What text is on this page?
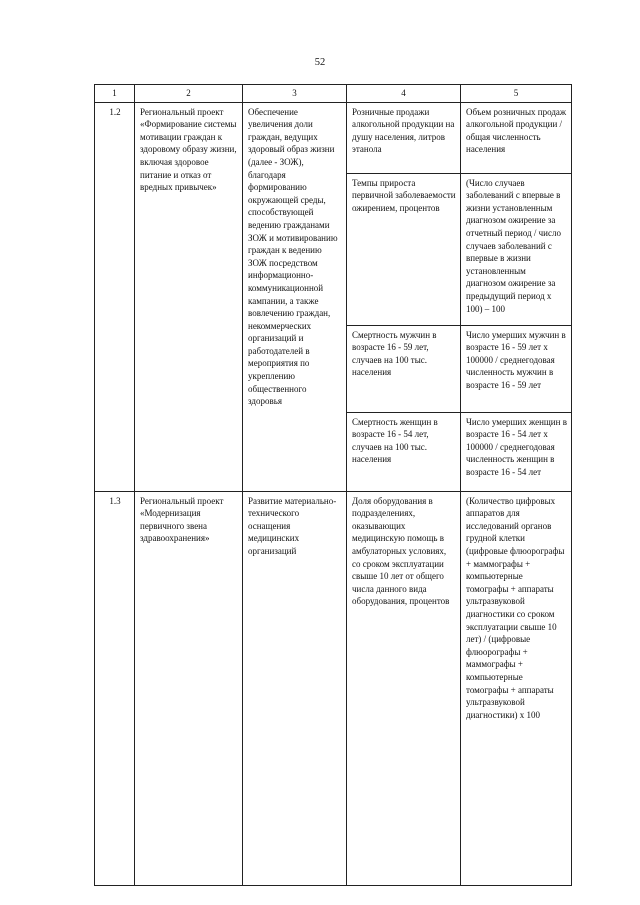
52
1	2	3	4	5
1.2	Региональный проект «Формирование системы мотивации граждан к здоровому образу жизни, включая здоровое питание и отказ от вредных привычек»	Обеспечение увеличения доли граждан, ведущих здоровый образ жизни (далее - ЗОЖ), благодаря формированию окружающей среды, способствующей ведению гражданами ЗОЖ и мотивированию граждан к ведению ЗОЖ посредством информационно-коммуникационной кампании, а также вовлечению граждан, некоммерческих организаций и работодателей в мероприятия по укреплению общественного здоровья	Розничные продажи алкогольной продукции на душу населения, литров этанола	Объем розничных продаж алкогольной продукции / общая численность населения
			Темпы прироста первичной заболеваемости ожирением, процентов	(Число случаев заболеваний с впервые в жизни установленным диагнозом ожирение за отчетный период / число случаев заболеваний с впервые в жизни установленным диагнозом ожирение за предыдущий период х 100) – 100
			Смертность мужчин в возрасте 16 - 59 лет, случаев на 100 тыс. населения	Число умерших мужчин в возрасте 16 - 59 лет х 100000 / среднегодовая численность мужчин в возрасте 16 - 59 лет
			Смертность женщин в возрасте 16 - 54 лет, случаев на 100 тыс. населения	Число умерших женщин в возрасте 16 - 54 лет х 100000 / среднегодовая численность женщин в возрасте 16 - 54 лет
1.3	Региональный проект «Модернизация первичного звена здравоохранения»	Развитие материально-технического оснащения медицинских организаций	Доля оборудования в подразделениях, оказывающих медицинскую помощь в амбулаторных условиях, со сроком эксплуатации свыше 10 лет от общего числа данного вида оборудования, процентов	(Количество цифровых аппаратов для исследований органов грудной клетки (цифровые флюорографы + маммографы + компьютерные томографы + аппараты ультразвуковой диагностики со сроком эксплуатации свыше 10 лет) / (цифровые флюорографы + маммографы + компьютерные томографы + аппараты ультразвуковой диагностики) х 100
